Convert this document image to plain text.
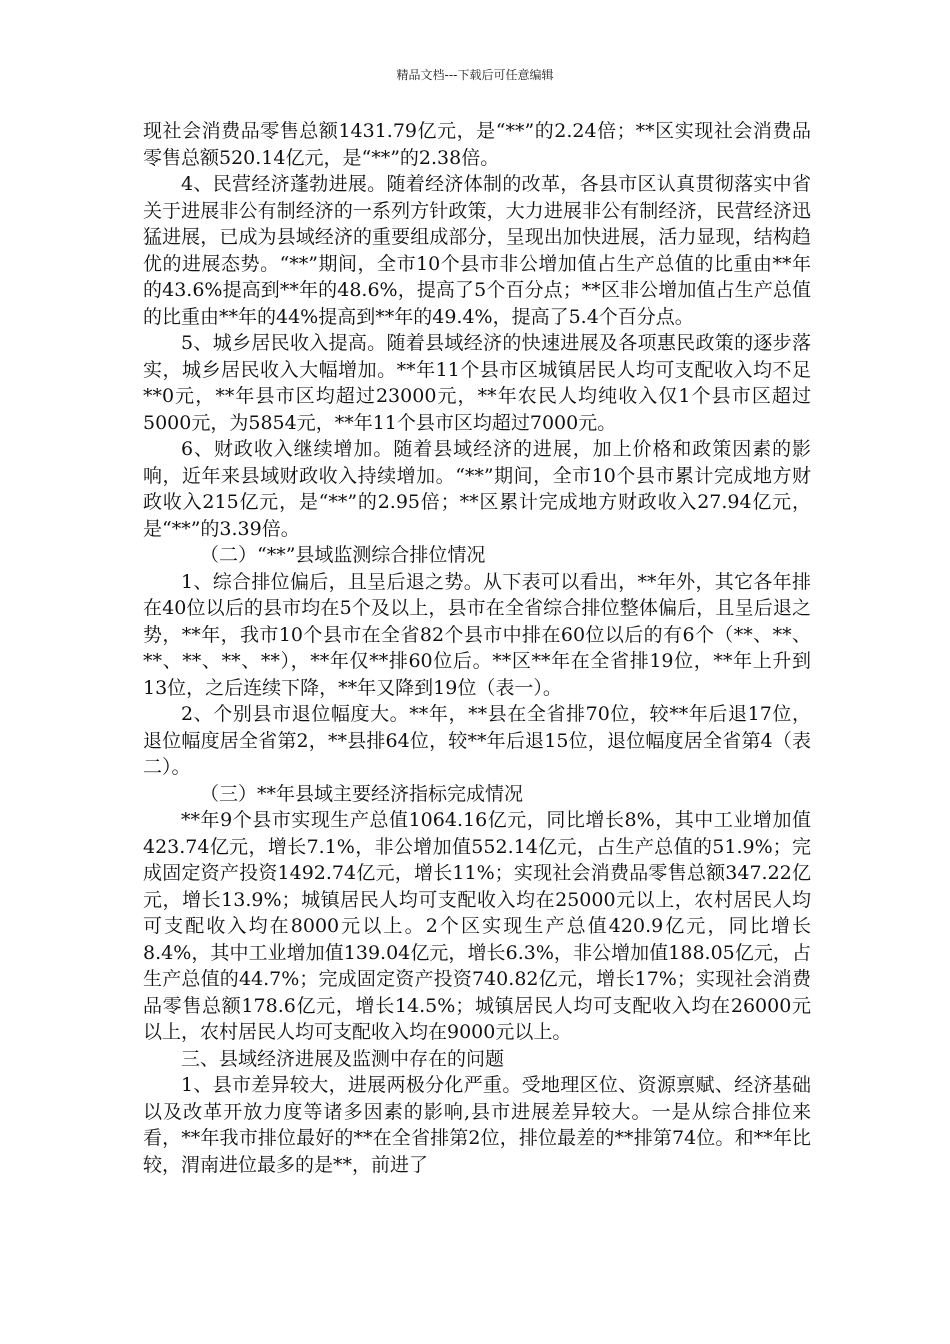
精品文档---下载后可任意编辑

现社会消费品零售总额1431.79亿元，是“**”的2.24倍；**区实现社会消费品零售总额520.14亿元，是“**”的2.38倍。

4、民营经济蓬勃进展。随着经济体制的改革，各县市区认真贯彻落实中省关于进展非公有制经济的一系列方针政策，大力进展非公有制经济，民营经济迅猛进展，已成为县域经济的重要组成部分，呈现出加快进展，活力显现，结构趋优的进展态势。“**”期间，全市10个县市非公增加值占生产总值的比重由**年的43.6%提高到**年的48.6%，提高了5个百分点；**区非公增加值占生产总值的比重由**年的44%提高到**年的49.4%，提高了5.4个百分点。

5、城乡居民收入提高。随着县域经济的快速进展及各项惠民政策的逐步落实，城乡居民收入大幅增加。**年11个县市区城镇居民人均可支配收入均不足**0元，**年县市区均超过23000元，**年农民人均纯收入仅1个县市区超过5000元，为5854元，**年11个县市区均超过7000元。

6、财政收入继续增加。随着县域经济的进展，加上价格和政策因素的影响，近年来县域财政收入持续增加。“**”期间，全市10个县市累计完成地方财政收入215亿元，是“**”的2.95倍；**区累计完成地方财政收入27.94亿元，是“**”的3.39倍。

（二）“**”县域监测综合排位情况

1、综合排位偏后，且呈后退之势。从下表可以看出，**年外，其它各年排在40位以后的县市均在5个及以上，县市在全省综合排位整体偏后，且呈后退之势，**年，我市10个县市在全省82个县市中排在60位以后的有6个（**、**、**、**、**、**），**年仅**排60位后。**区**年在全省排19位，**年上升到13位，之后连续下降，**年又降到19位（表一）。

2、个别县市退位幅度大。**年，**县在全省排70位，较**年后退17位，退位幅度居全省第2，**县排64位，较**年后退15位，退位幅度居全省第4（表二）。

（三）**年县域主要经济指标完成情况

**年9个县市实现生产总值1064.16亿元，同比增长8%，其中工业增加值423.74亿元，增长7.1%，非公增加值552.14亿元，占生产总值的51.9%；完成固定资产投资1492.74亿元，增长11%；实现社会消费品零售总额347.22亿元，增长13.9%；城镇居民人均可支配收入均在25000元以上，农村居民人均可支配收入均在8000元以上。2个区实现生产总值420.9亿元，同比增长8.4%，其中工业增加值139.04亿元，增长6.3%，非公增加值188.05亿元，占生产总值的44.7%；完成固定资产投资740.82亿元，增长17%；实现社会消费品零售总额178.6亿元，增长14.5%；城镇居民人均可支配收入均在26000元以上，农村居民人均可支配收入均在9000元以上。

三、县域经济进展及监测中存在的问题

1、县市差异较大，进展两极分化严重。受地理区位、资源禀赋、经济基础以及改革开放力度等诸多因素的影响,县市进展差异较大。一是从综合排位来看，**年我市排位最好的**在全省排第2位，排位最差的**排第74位。和**年比较，渭南进位最多的是**，前进了
